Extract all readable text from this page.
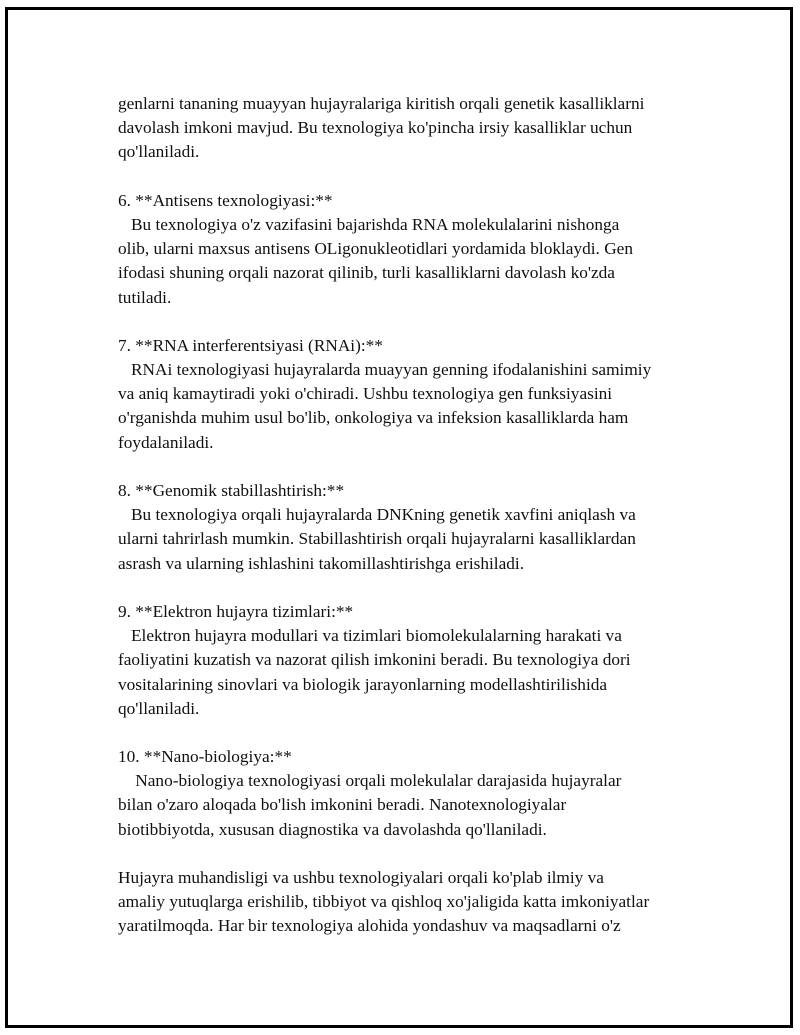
genlarni tananing muayyan hujayralariga kiritish orqali genetik kasalliklarni
davolash imkoni mavjud. Bu texnologiya ko'pincha irsiy kasalliklar uchun
qo'llaniladi.
6. **Antisens texnologiyasi:**
Bu texnologiya o'z vazifasini bajarishda RNA molekulalarini nishonga
olib, ularni maxsus antisens OLigonukleotidlari yordamida bloklaydi. Gen
ifodasi shuning orqali nazorat qilinib, turli kasalliklarni davolash ko'zda
tutiladi.
7. **RNA interferentsiyasi (RNAi):**
RNAi texnologiyasi hujayralarda muayyan genning ifodalanishini samimiy
va aniq kamaytiradi yoki o'chiradi. Ushbu texnologiya gen funksiyasini
o'rganishda muhim usul bo'lib, onkologiya va infeksion kasalliklarda ham
foydalaniladi.
8. **Genomik stabillashtirish:**
Bu texnologiya orqali hujayralarda DNKning genetik xavfini aniqlash va
ularni tahrirlash mumkin. Stabillashtirish orqali hujayralarni kasalliklardan
asrash va ularning ishlashini takomillashtirishga erishiladi.
9. **Elektron hujayra tizimlari:**
Elektron hujayra modullari va tizimlari biomolekulalarning harakati va
faoliyatini kuzatish va nazorat qilish imkonini beradi. Bu texnologiya dori
vositalarining sinovlari va biologik jarayonlarning modellashtirilishida
qo'llaniladi.
10. **Nano-biologiya:**
Nano-biologiya texnologiyasi orqali molekulalar darajasida hujayralar
bilan o'zaro aloqada bo'lish imkonini beradi. Nanotexnologiyalar
biotibbiyotda, xususan diagnostika va davolashda qo'llaniladi.
Hujayra muhandisligi va ushbu texnologiyalari orqali ko'plab ilmiy va
amaliy yutuqlarga erishilib, tibbiyot va qishloq xo'jaligida katta imkoniyatlar
yaratilmoqda. Har bir texnologiya alohida yondashuv va maqsadlarni o'z
